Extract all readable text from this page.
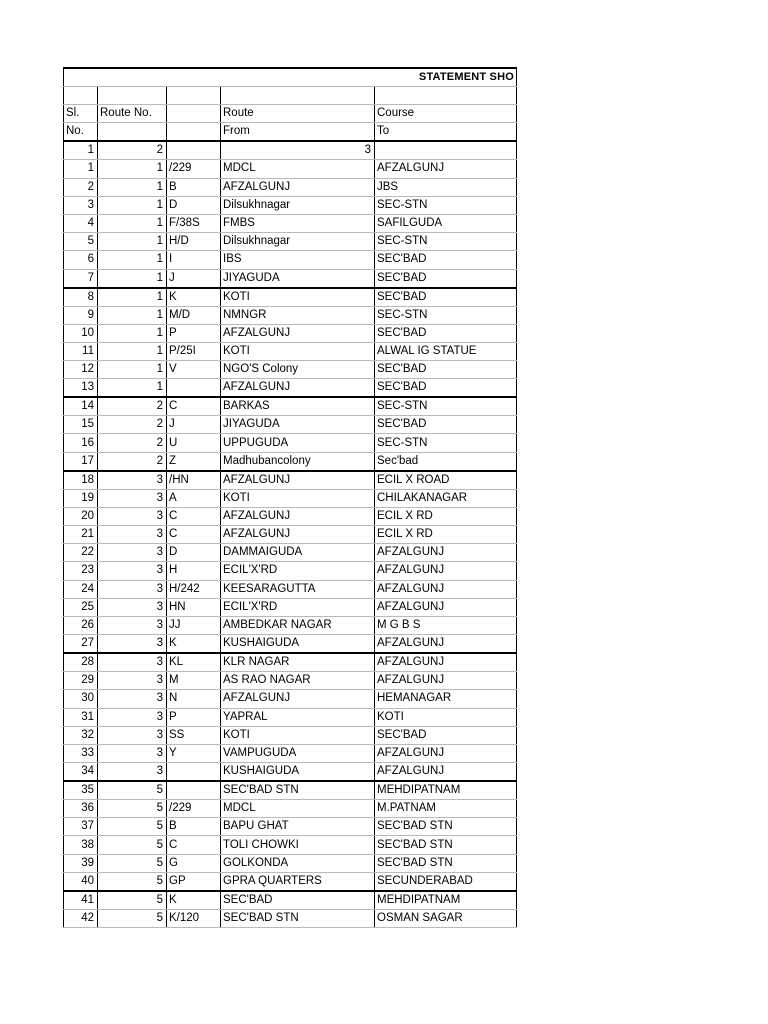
				STATEMENT SHO

Sl.	Route No.		Route	Course
No.			From	To
1	2		3	
1	1	/229	MDCL	AFZALGUNJ
2	1	B	AFZALGUNJ	JBS
3	1	D	Dilsukhnagar	SEC-STN
4	1	F/38S	FMBS	SAFILGUDA
5	1	H/D	Dilsukhnagar	SEC-STN
6	1	I	IBS	SEC'BAD
7	1	J	JIYAGUDA	SEC'BAD
8	1	K	KOTI	SEC'BAD
9	1	M/D	NMNGR	SEC-STN
10	1	P	AFZALGUNJ	SEC'BAD
11	1	P/25I	KOTI	ALWAL IG STATUE
12	1	V	NGO'S Colony	SEC'BAD
13	1		AFZALGUNJ	SEC'BAD
14	2	C	BARKAS	SEC-STN
15	2	J	JIYAGUDA	SEC'BAD
16	2	U	UPPUGUDA	SEC-STN
17	2	Z	Madhubancolony	Sec'bad
18	3	/HN	AFZALGUNJ	ECIL X ROAD
19	3	A	KOTI	CHILAKANAGAR
20	3	C	AFZALGUNJ	ECIL X RD
21	3	C	AFZALGUNJ	ECIL X RD
22	3	D	DAMMAIGUDA	AFZALGUNJ
23	3	H	ECIL'X'RD	AFZALGUNJ
24	3	H/242	KEESARAGUTTA	AFZALGUNJ
25	3	HN	ECIL'X'RD	AFZALGUNJ
26	3	JJ	AMBEDKAR NAGAR	M G B S
27	3	K	KUSHAIGUDA	AFZALGUNJ
28	3	KL	KLR NAGAR	AFZALGUNJ
29	3	M	AS RAO NAGAR	AFZALGUNJ
30	3	N	AFZALGUNJ	HEMANAGAR
31	3	P	YAPRAL	KOTI
32	3	SS	KOTI	SEC'BAD
33	3	Y	VAMPUGUDA	AFZALGUNJ
34	3		KUSHAIGUDA	AFZALGUNJ
35	5		SEC'BAD STN	MEHDIPATNAM
36	5	/229	MDCL	M.PATNAM
37	5	B	BAPU GHAT	SEC'BAD STN
38	5	C	TOLI CHOWKI	SEC'BAD STN
39	5	G	GOLKONDA	SEC'BAD STN
40	5	GP	GPRA QUARTERS	SECUNDERABAD
41	5	K	SEC'BAD	MEHDIPATNAM
42	5	K/120	SEC'BAD STN	OSMAN SAGAR
